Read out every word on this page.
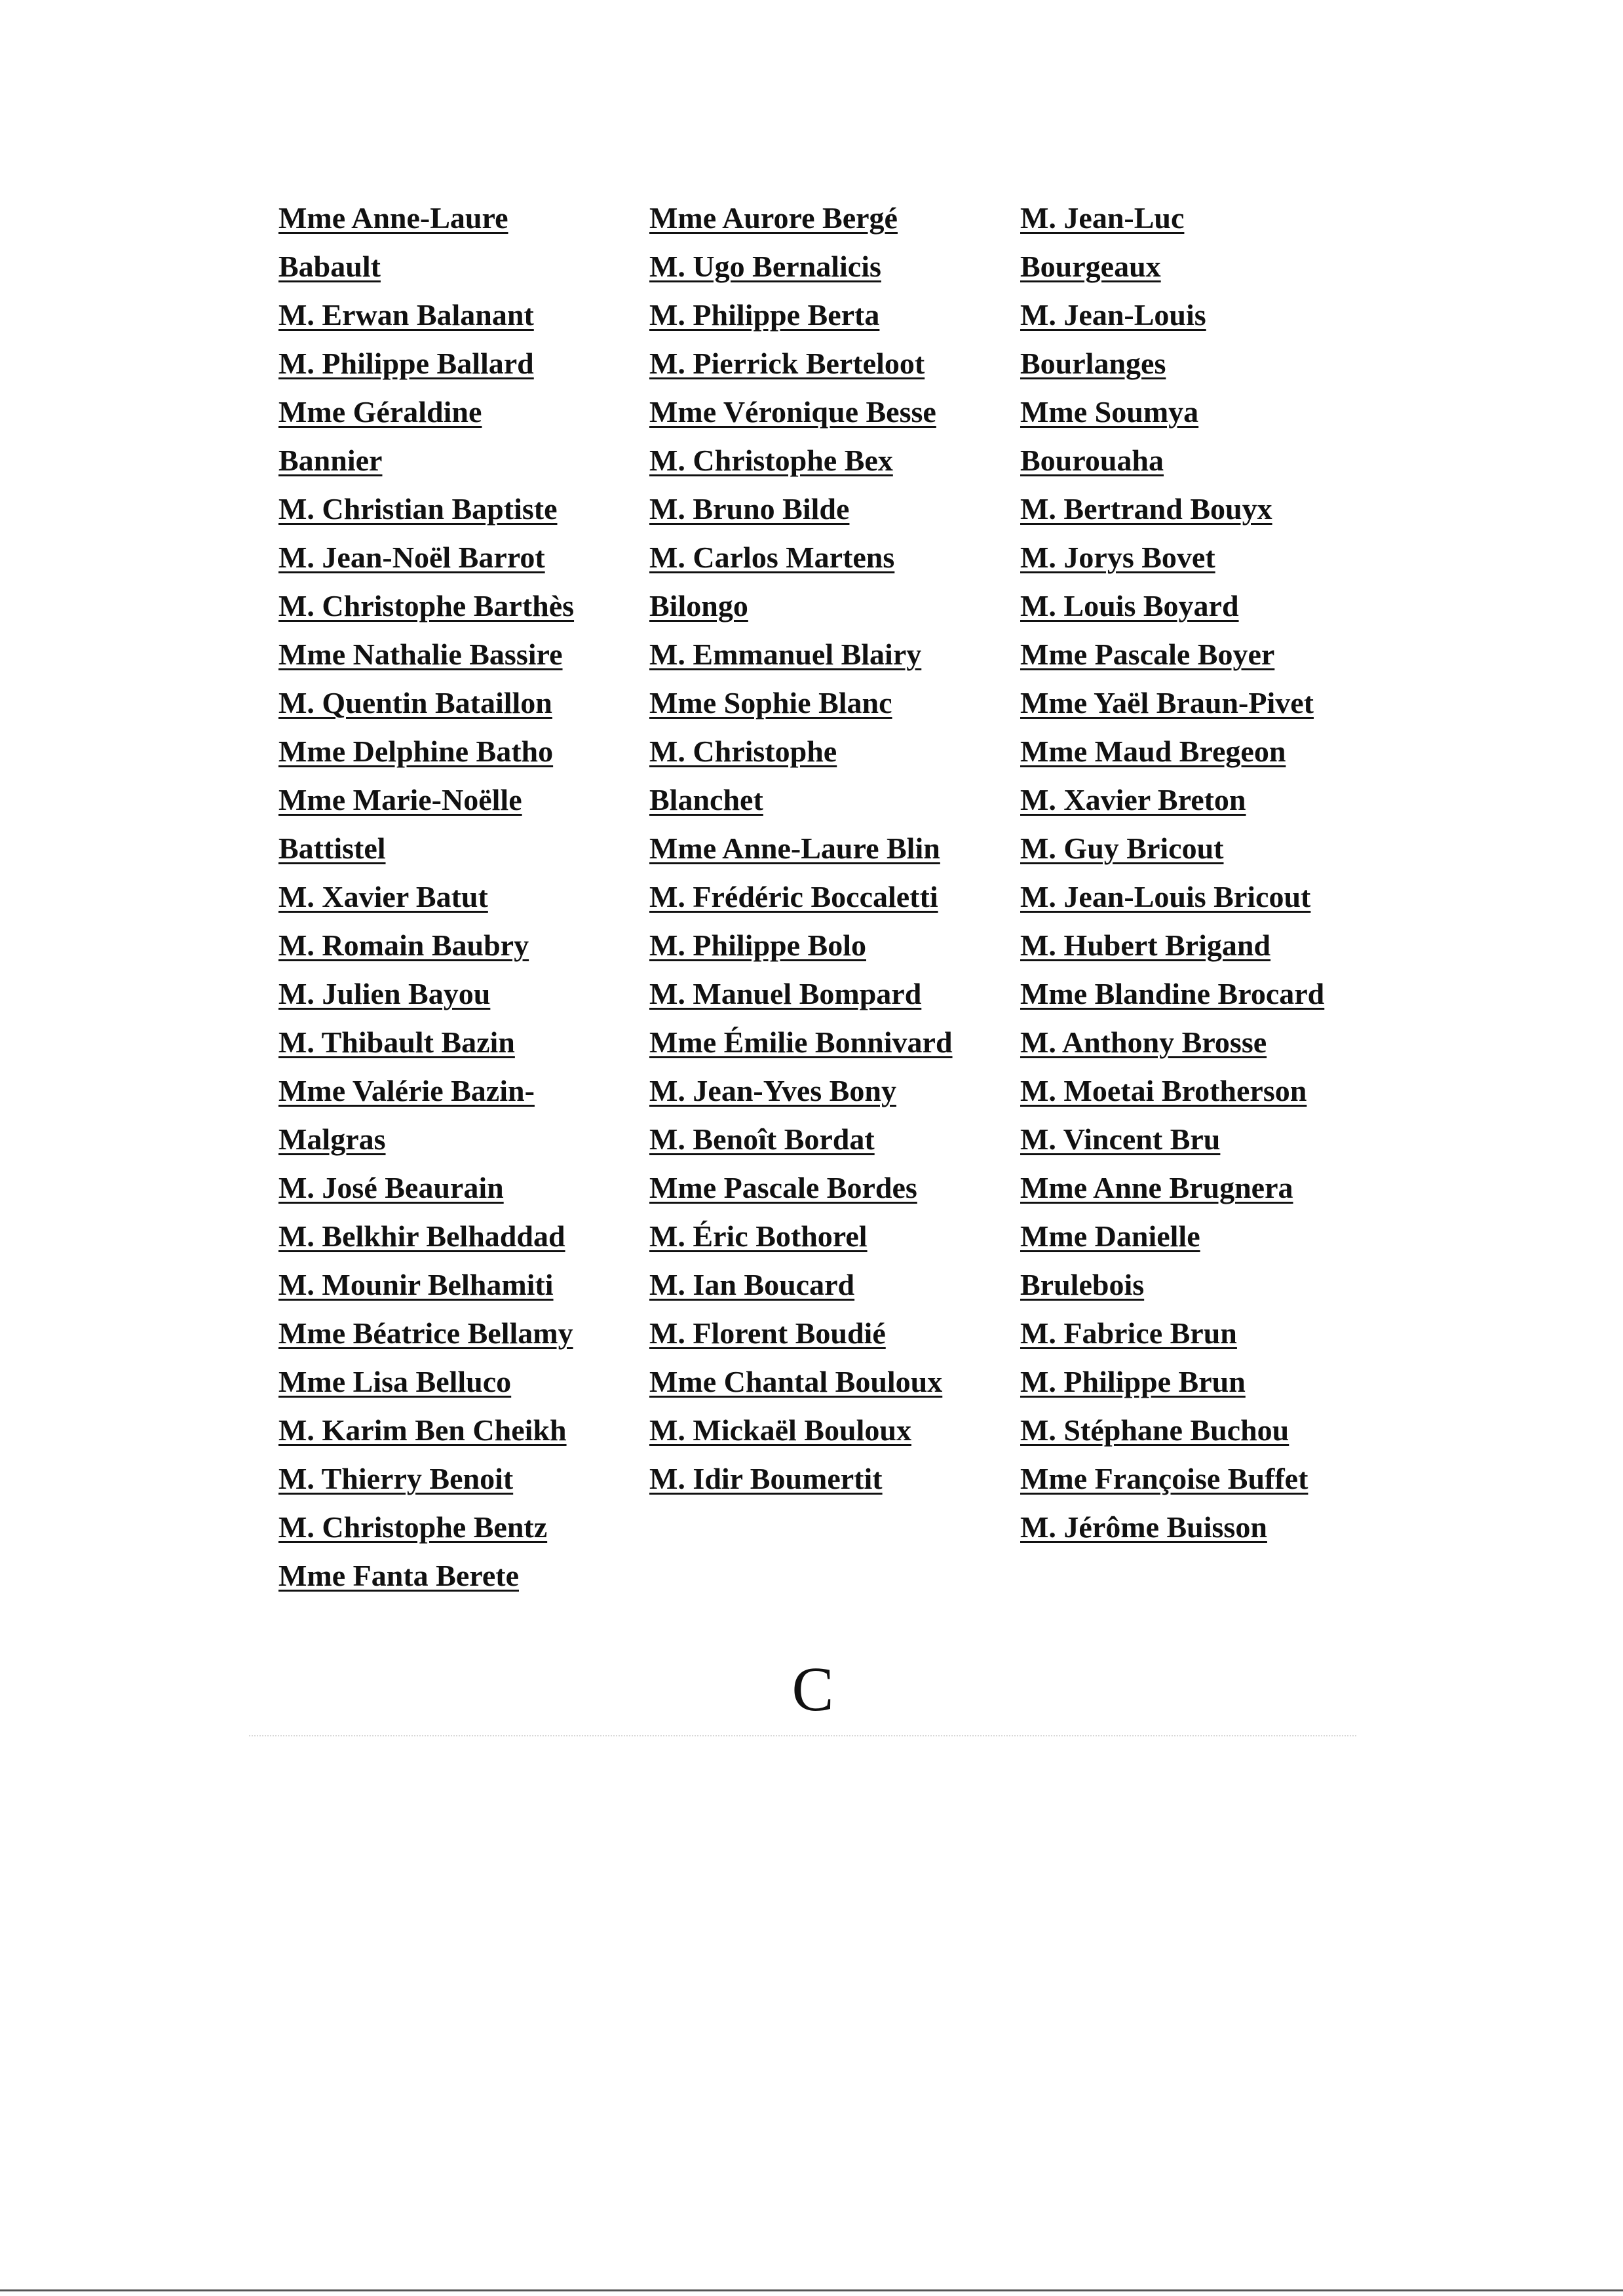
Mme Anne-Laure
Babault
M. Erwan Balanant
M. Philippe Ballard
Mme Géraldine
Bannier
M. Christian Baptiste
M. Jean-Noël Barrot
M. Christophe Barthès
Mme Nathalie Bassire
M. Quentin Bataillon
Mme Delphine Batho
Mme Marie-Noëlle
Battistel
M. Xavier Batut
M. Romain Baubry
M. Julien Bayou
M. Thibault Bazin
Mme Valérie Bazin-
Malgras
M. José Beaurain
M. Belkhir Belhaddad
M. Mounir Belhamiti
Mme Béatrice Bellamy
Mme Lisa Belluco
M. Karim Ben Cheikh
M. Thierry Benoit
M. Christophe Bentz
Mme Fanta Berete
Mme Aurore Bergé
M. Ugo Bernalicis
M. Philippe Berta
M. Pierrick Berteloot
Mme Véronique Besse
M. Christophe Bex
M. Bruno Bilde
M. Carlos Martens
Bilongo
M. Emmanuel Blairy
Mme Sophie Blanc
M. Christophe
Blanchet
Mme Anne-Laure Blin
M. Frédéric Boccaletti
M. Philippe Bolo
M. Manuel Bompard
Mme Émilie Bonnivard
M. Jean-Yves Bony
M. Benoît Bordat
Mme Pascale Bordes
M. Éric Bothorel
M. Ian Boucard
M. Florent Boudié
Mme Chantal Bouloux
M. Mickaël Bouloux
M. Idir Boumertit
M. Jean-Luc
Bourgeaux
M. Jean-Louis
Bourlanges
Mme Soumya
Bourouaha
M. Bertrand Bouyx
M. Jorys Bovet
M. Louis Boyard
Mme Pascale Boyer
Mme Yaël Braun-Pivet
Mme Maud Bregeon
M. Xavier Breton
M. Guy Bricout
M. Jean-Louis Bricout
M. Hubert Brigand
Mme Blandine Brocard
M. Anthony Brosse
M. Moetai Brotherson
M. Vincent Bru
Mme Anne Brugnera
Mme Danielle
Brulebois
M. Fabrice Brun
M. Philippe Brun
M. Stéphane Buchou
Mme Françoise Buffet
M. Jérôme Buisson
C
